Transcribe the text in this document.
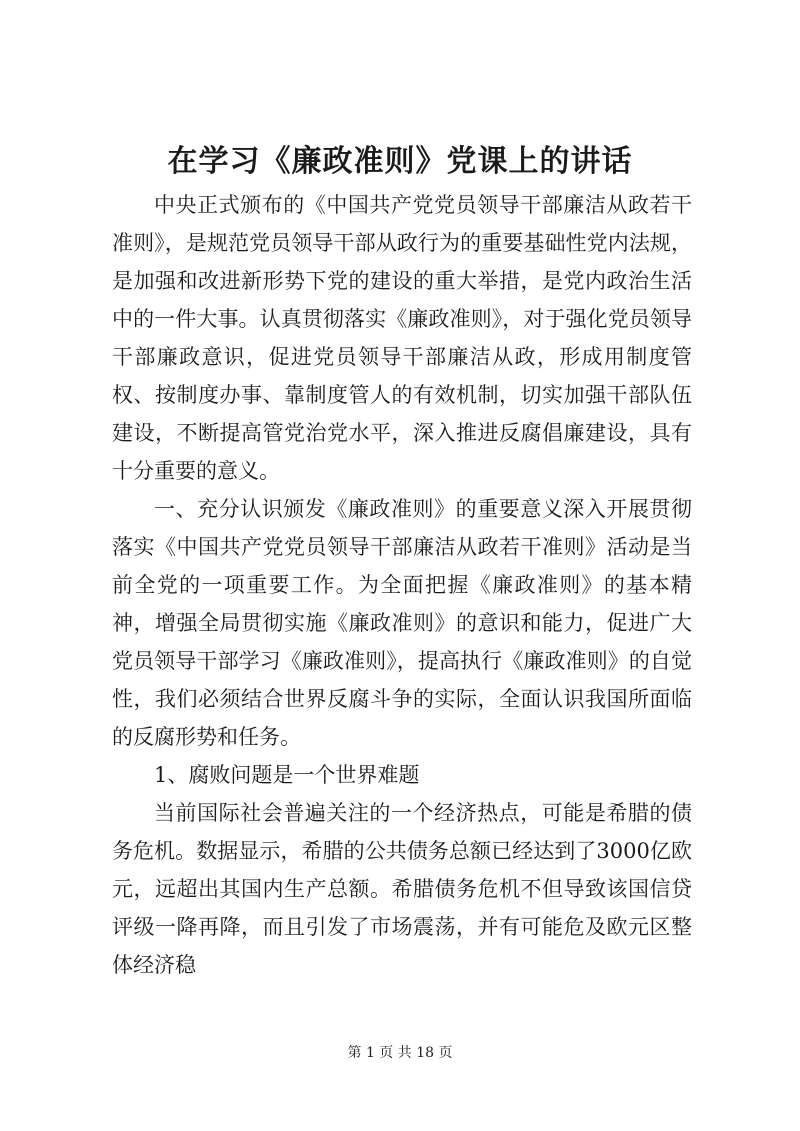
在学习《廉政准则》党课上的讲话

中央正式颁布的《中国共产党党员领导干部廉洁从政若干准则》，是规范党员领导干部从政行为的重要基础性党内法规，是加强和改进新形势下党的建设的重大举措，是党内政治生活中的一件大事。认真贯彻落实《廉政准则》，对于强化党员领导干部廉政意识，促进党员领导干部廉洁从政，形成用制度管权、按制度办事、靠制度管人的有效机制，切实加强干部队伍建设，不断提高管党治党水平，深入推进反腐倡廉建设，具有十分重要的意义。

一、充分认识颁发《廉政准则》的重要意义深入开展贯彻落实《中国共产党党员领导干部廉洁从政若干准则》活动是当前全党的一项重要工作。为全面把握《廉政准则》的基本精神，增强全局贯彻实施《廉政准则》的意识和能力，促进广大党员领导干部学习《廉政准则》，提高执行《廉政准则》的自觉性，我们必须结合世界反腐斗争的实际，全面认识我国所面临的反腐形势和任务。

1、腐败问题是一个世界难题

当前国际社会普遍关注的一个经济热点，可能是希腊的债务危机。数据显示，希腊的公共债务总额已经达到了3000亿欧元，远超出其国内生产总额。希腊债务危机不但导致该国信贷评级一降再降，而且引发了市场震荡，并有可能危及欧元区整体经济稳

第 1 页 共 18 页
